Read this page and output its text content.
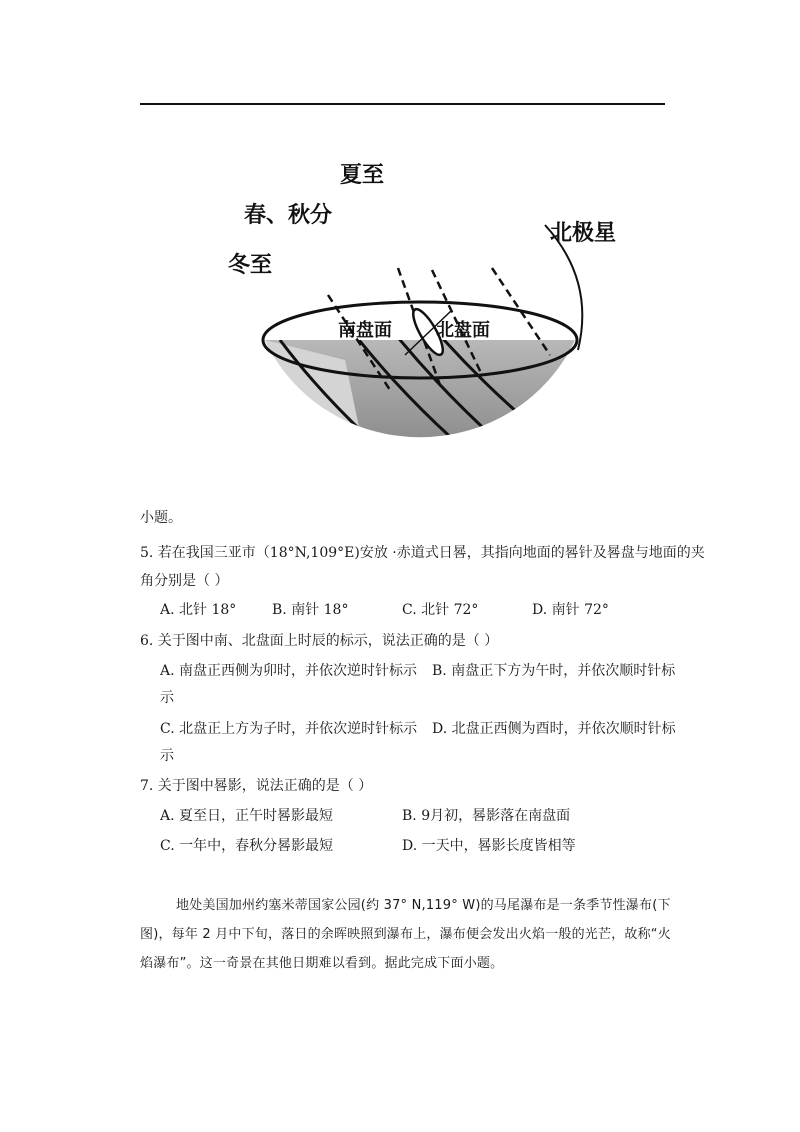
夏至
春、秋分
冬至
北极星
南盘面 北盘面
小题。
5. 若在我国三亚市（18°N,109°E)安放 ·赤道式日晷，其指向地面的晷针及晷盘与地面的夹
角分别是（ ）
A. 北针 18°	B. 南针 18°	C. 北针 72°	D. 南针 72°
6. 关于图中南、北盘面上时辰的标示，说法正确的是（ ）
A. 南盘正西侧为卯时，并依次逆时针标示 B. 南盘正下方为午时，并依次顺时针标
示
C. 北盘正上方为子时，并依次逆时针标示 D. 北盘正西侧为酉时，并依次顺时针标
示
7. 关于图中晷影，说法正确的是（ ）
A. 夏至日，正午时晷影最短	B. 9月初，晷影落在南盘面
C. 一年中，春秋分晷影最短	D. 一天中，晷影长度皆相等
地处美国加州约塞米蒂国家公园(约 37° N,119° W)的马尾瀑布是一条季节性瀑布(下
图)，每年 2 月中下旬，落日的余晖映照到瀑布上，瀑布便会发出火焰一般的光芒，故称“火
焰瀑布”。这一奇景在其他日期难以看到。据此完成下面小题。
